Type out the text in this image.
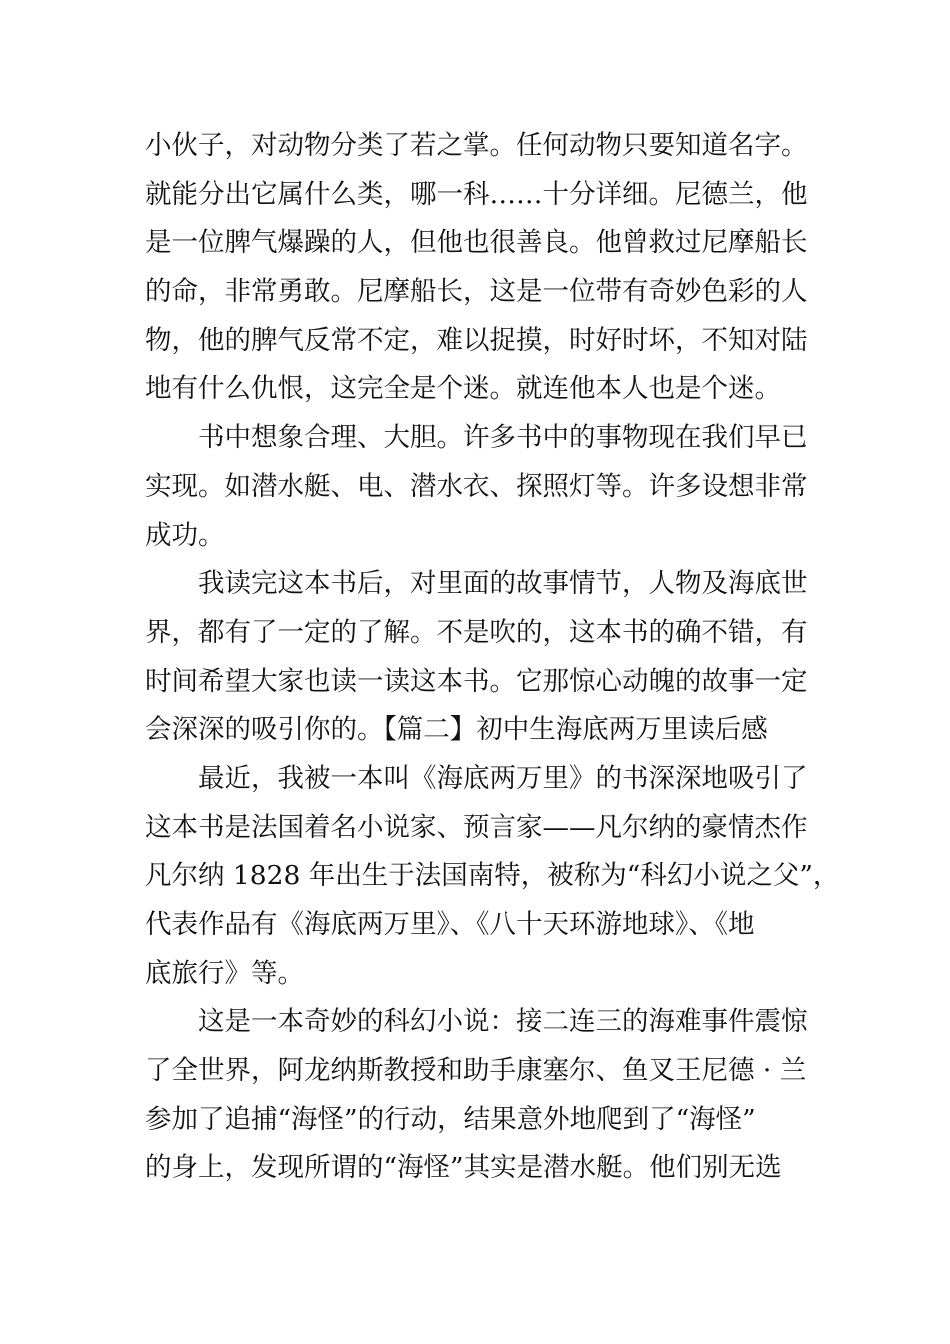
小伙子，对动物分类了若之掌。任何动物只要知道名字。
就能分出它属什么类，哪一科……十分详细。尼德兰，他
是一位脾气爆躁的人，但他也很善良。他曾救过尼摩船长
的命，非常勇敢。尼摩船长，这是一位带有奇妙色彩的人
物，他的脾气反常不定，难以捉摸，时好时坏，不知对陆
地有什么仇恨，这完全是个迷。就连他本人也是个迷。
书中想象合理、大胆。许多书中的事物现在我们早已
实现。如潜水艇、电、潜水衣、探照灯等。许多设想非常
成功。
我读完这本书后，对里面的故事情节，人物及海底世
界，都有了一定的了解。不是吹的，这本书的确不错，有
时间希望大家也读一读这本书。它那惊心动魄的故事一定
会深深的吸引你的。【篇二】初中生海底两万里读后感
最近，我被一本叫《海底两万里》的书深深地吸引了
这本书是法国着名小说家、预言家——凡尔纳的豪情杰作
凡尔纳 1828 年出生于法国南特，被称为“科幻小说之父”，
代表作品有《海底两万里》、《八十天环游地球》、《地
底旅行》等。
这是一本奇妙的科幻小说：接二连三的海难事件震惊
了全世界，阿龙纳斯教授和助手康塞尔、鱼叉王尼德 · 兰
参加了追捕“海怪”的行动，结果意外地爬到了“海怪”
的身上，发现所谓的“海怪”其实是潜水艇。他们别无选
